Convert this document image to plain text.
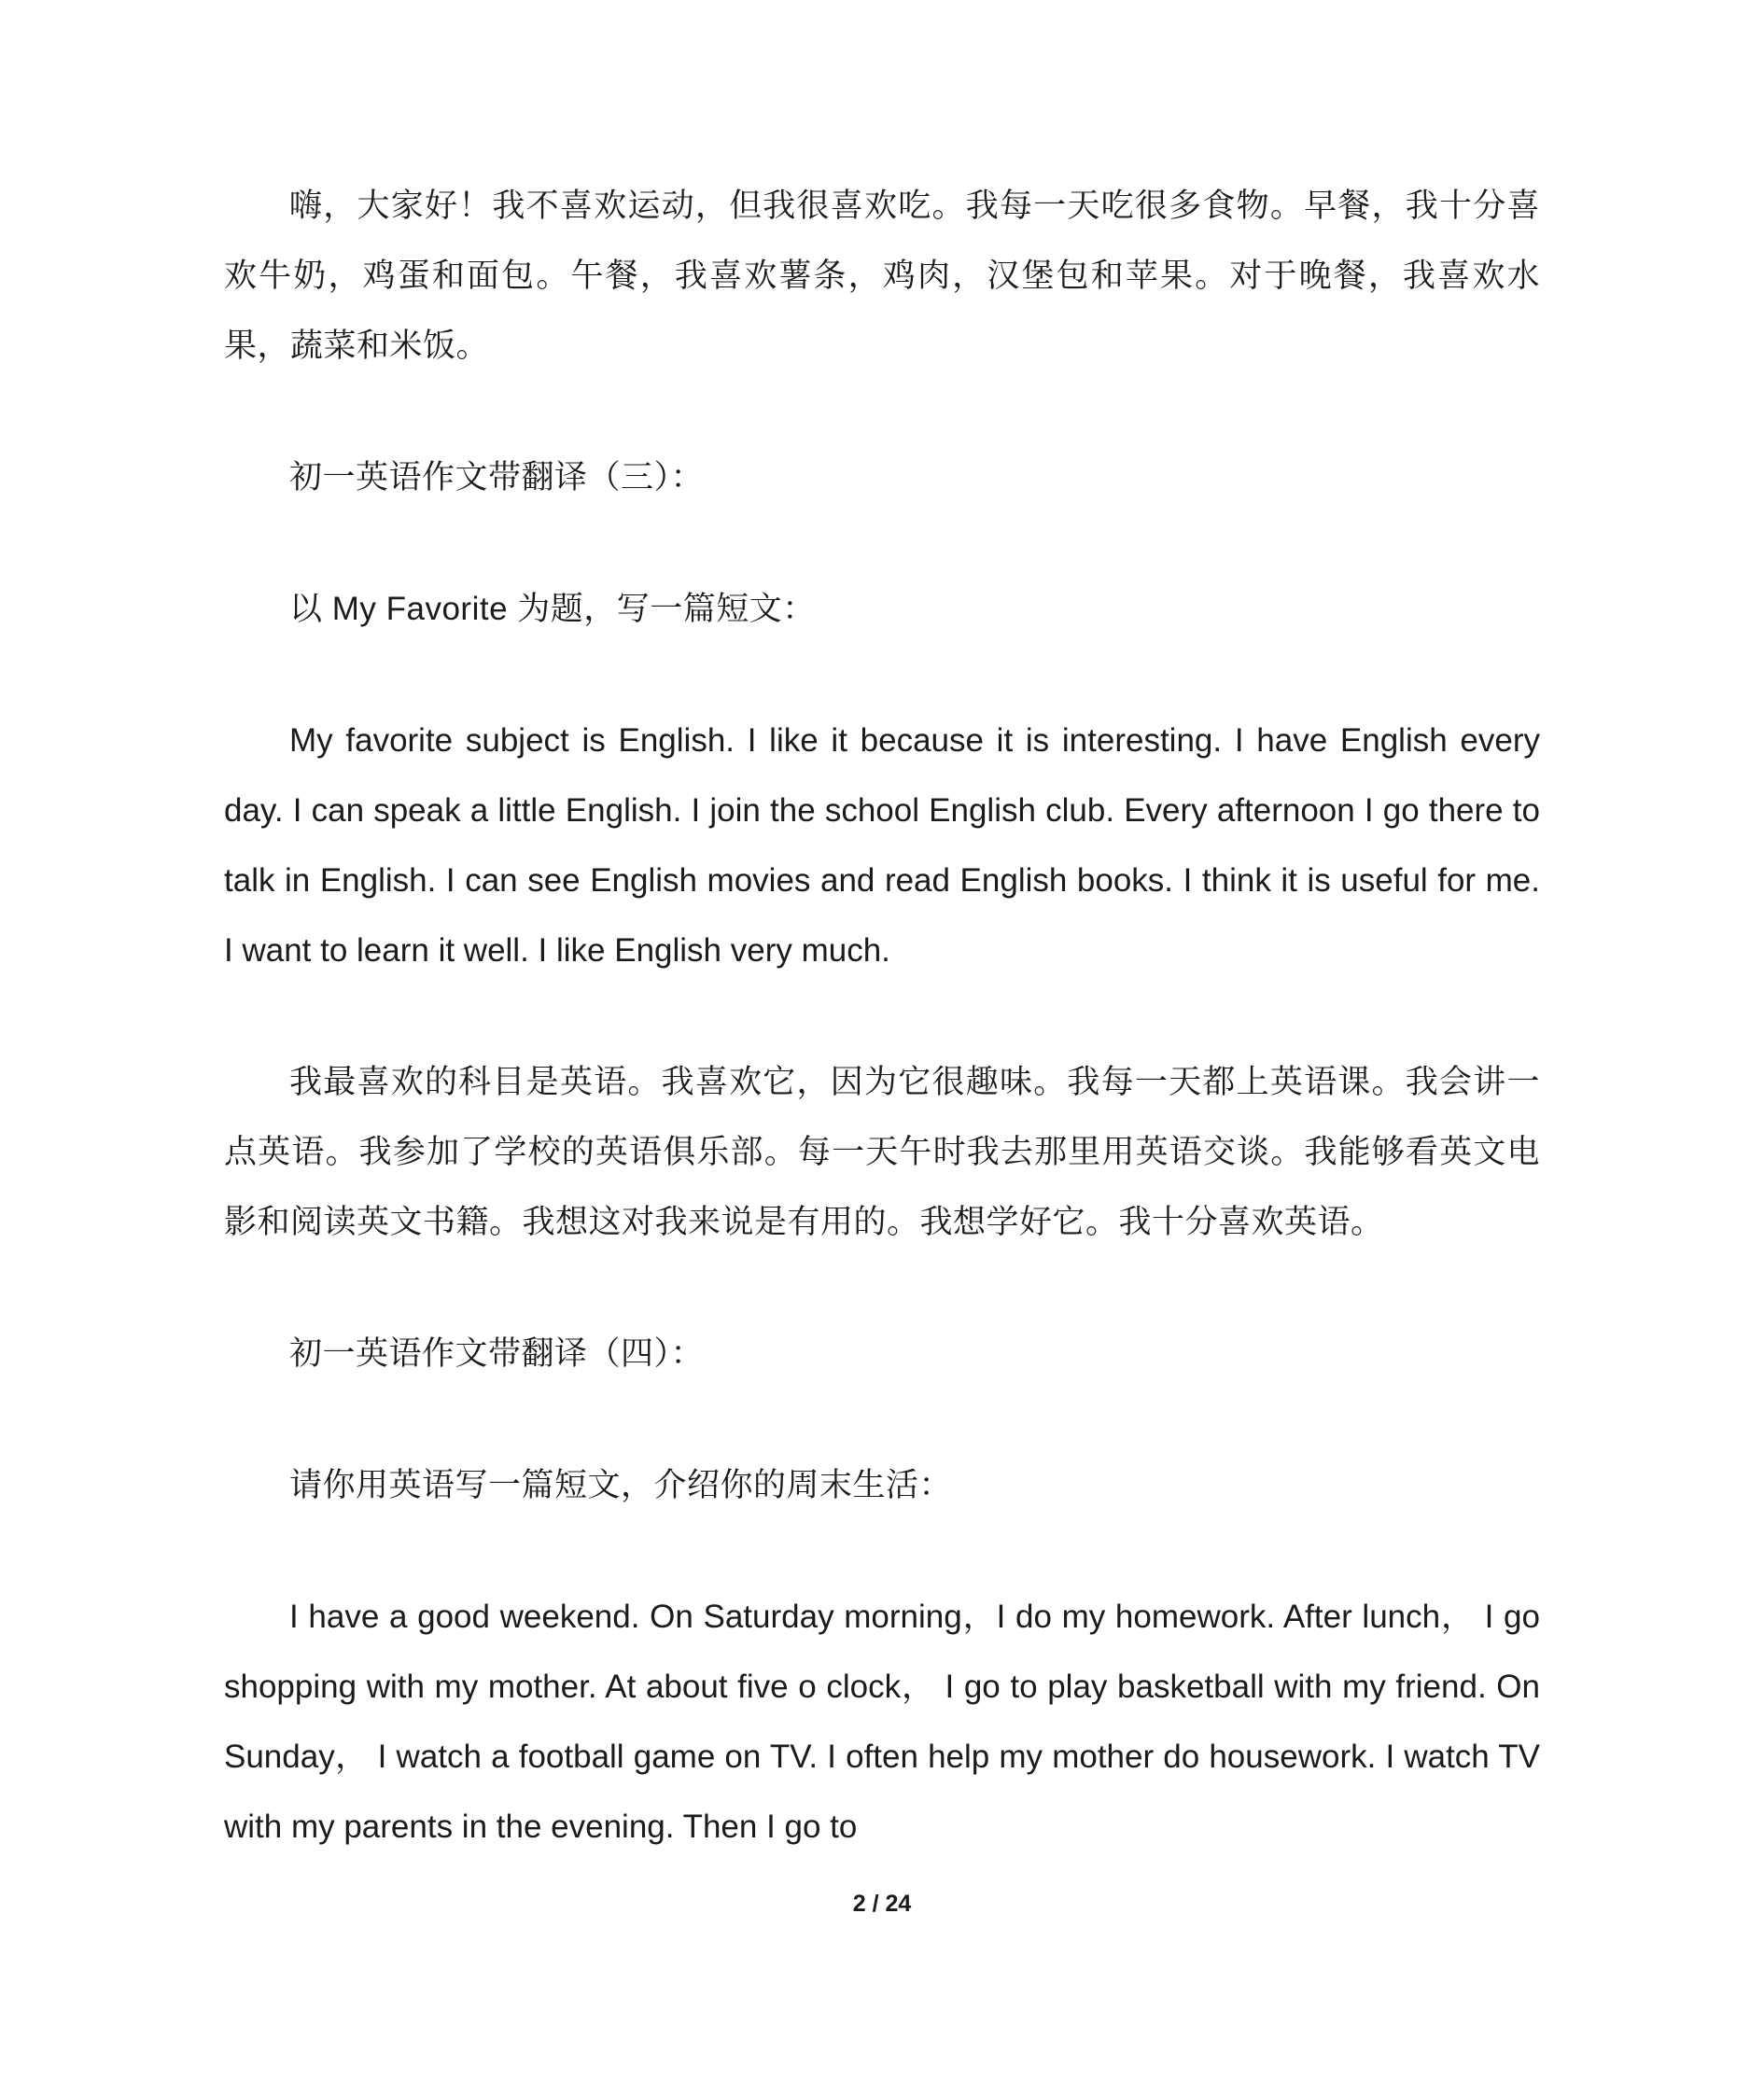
嗨，大家好！我不喜欢运动，但我很喜欢吃。我每一天吃很多食物。早餐，我十分喜欢牛奶，鸡蛋和面包。午餐，我喜欢薯条，鸡肉，汉堡包和苹果。对于晚餐，我喜欢水果，蔬菜和米饭。

初一英语作文带翻译（三）：

以 My Favorite 为题，写一篇短文：

My favorite subject is English. I like it because it is interesting. I have English every day. I can speak a little English. I join the school English club. Every afternoon I go there to talk in English. I can see English movies and read English books. I think it is useful for me. I want to learn it well. I like English very much.

我最喜欢的科目是英语。我喜欢它，因为它很趣味。我每一天都上英语课。我会讲一点英语。我参加了学校的英语俱乐部。每一天午时我去那里用英语交谈。我能够看英文电影和阅读英文书籍。我想这对我来说是有用的。我想学好它。我十分喜欢英语。

初一英语作文带翻译（四）：

请你用英语写一篇短文，介绍你的周末生活：

I have a good weekend. On Saturday morning，I do my homework. After lunch， I go shopping with my mother. At about five o clock， I go to play basketball with my friend. On Sunday， I watch a football game on TV. I often help my mother do housework. I watch TV with my parents in the evening. Then I go to

2 / 24
